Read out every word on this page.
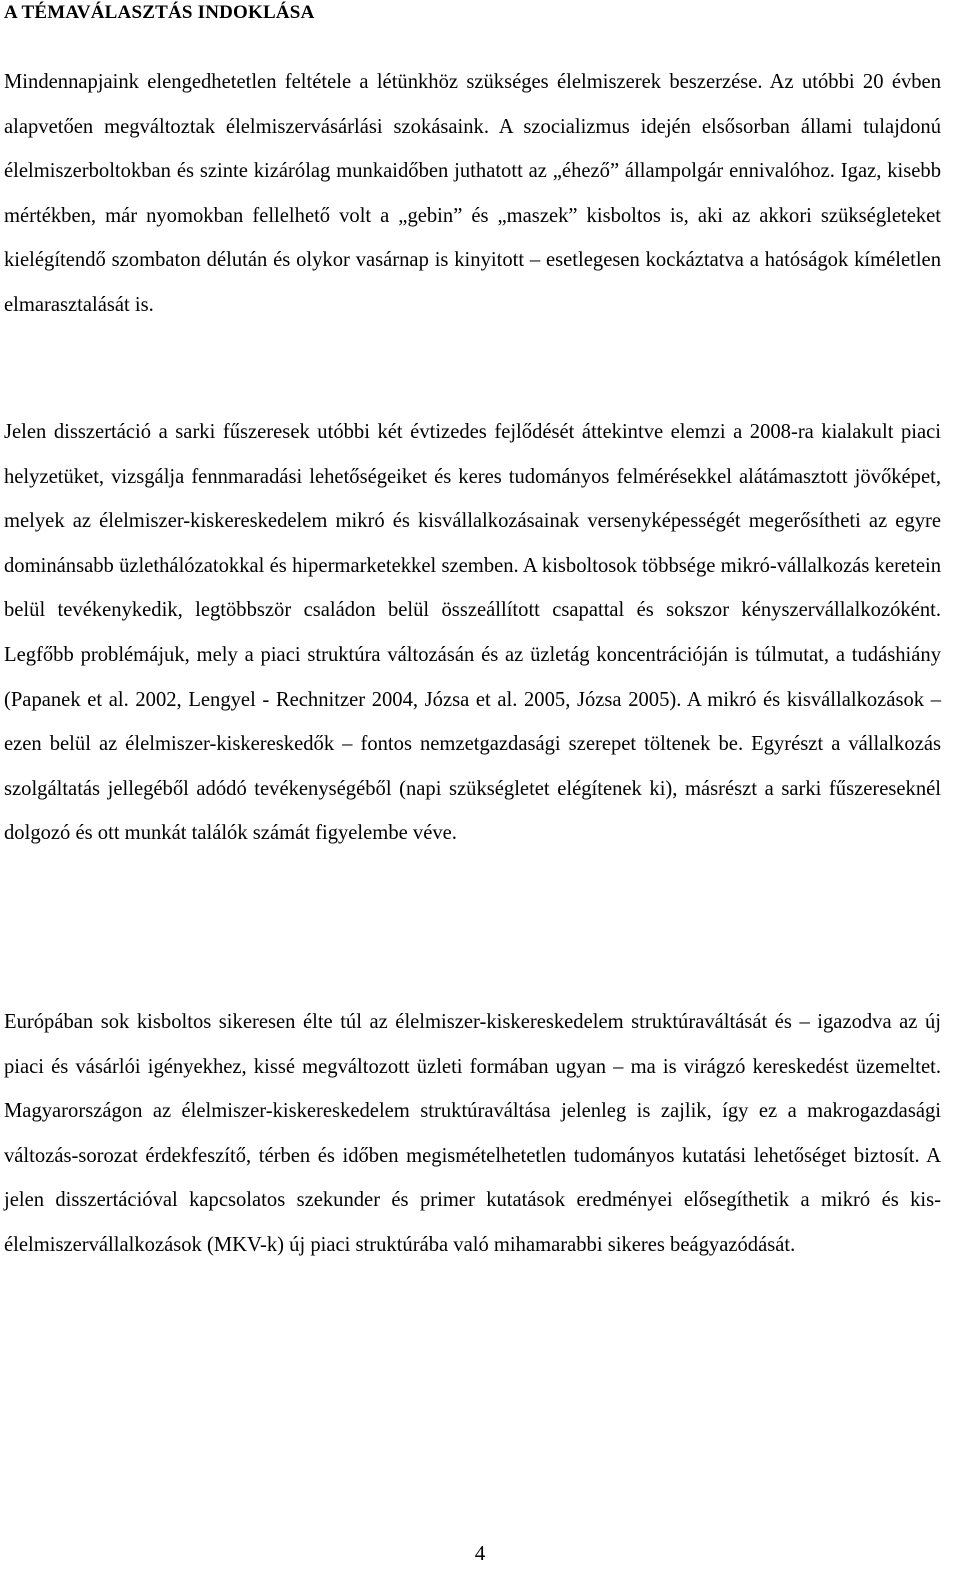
A TÉMAVÁLASZTÁS INDOKLÁSA

Mindennapjaink elengedhetetlen feltétele a létünkhöz szükséges élelmiszerek beszerzése. Az utóbbi 20 évben alapvetően megváltoztak élelmiszervásárlási szokásaink. A szocializmus idején elsősorban állami tulajdonú élelmiszerboltokban és szinte kizárólag munkaidőben juthatott az „éhező” állampolgár ennivalóhoz. Igaz, kisebb mértékben, már nyomokban fellelhető volt a „gebin” és „maszek” kisboltos is, aki az akkori szükségleteket kielégítendő szombaton délután és olykor vasárnap is kinyitott – esetlegesen kockáztatva a hatóságok kíméletlen elmarasztalását is.

Jelen disszertáció a sarki fűszeresek utóbbi két évtizedes fejlődését áttekintve elemzi a 2008-ra kialakult piaci helyzetüket, vizsgálja fennmaradási lehetőségeiket és keres tudományos felmérésekkel alátámasztott jövőképet, melyek az élelmiszer-kiskereskedelem mikró és kisvállalkozásainak versenyképességét megerősítheti az egyre dominánsabb üzlethálózatokkal és hipermarketekkel szemben. A kisboltosok többsége mikró-vállalkozás keretein belül tevékenykedik, legtöbbször családon belül összeállított csapattal és sokszor kényszervállalkozóként. Legfőbb problémájuk, mely a piaci struktúra változásán és az üzletág koncentrációján is túlmutat, a tudáshiány (Papanek et al. 2002, Lengyel - Rechnitzer 2004, Józsa et al. 2005, Józsa 2005). A mikró és kisvállalkozások – ezen belül az élelmiszer-kiskereskedők – fontos nemzetgazdasági szerepet töltenek be. Egyrészt a vállalkozás szolgáltatás jellegéből adódó tevékenységéből (napi szükségletet elégítenek ki), másrészt a sarki fűszereseknél dolgozó és ott munkát találók számát figyelembe véve.

Európában sok kisboltos sikeresen élte túl az élelmiszer-kiskereskedelem struktúraváltását és – igazodva az új piaci és vásárlói igényekhez, kissé megváltozott üzleti formában ugyan – ma is virágzó kereskedést üzemeltet. Magyarországon az élelmiszer-kiskereskedelem struktúraváltása jelenleg is zajlik, így ez a makrogazdasági változás-sorozat érdekfeszítő, térben és időben megismételhetetlen tudományos kutatási lehetőséget biztosít. A jelen disszertációval kapcsolatos szekunder és primer kutatások eredményei elősegíthetik a mikró és kis-élelmiszervállalkozások (MKV-k) új piaci struktúrába való mihamarabbi sikeres beágyazódását.

4
